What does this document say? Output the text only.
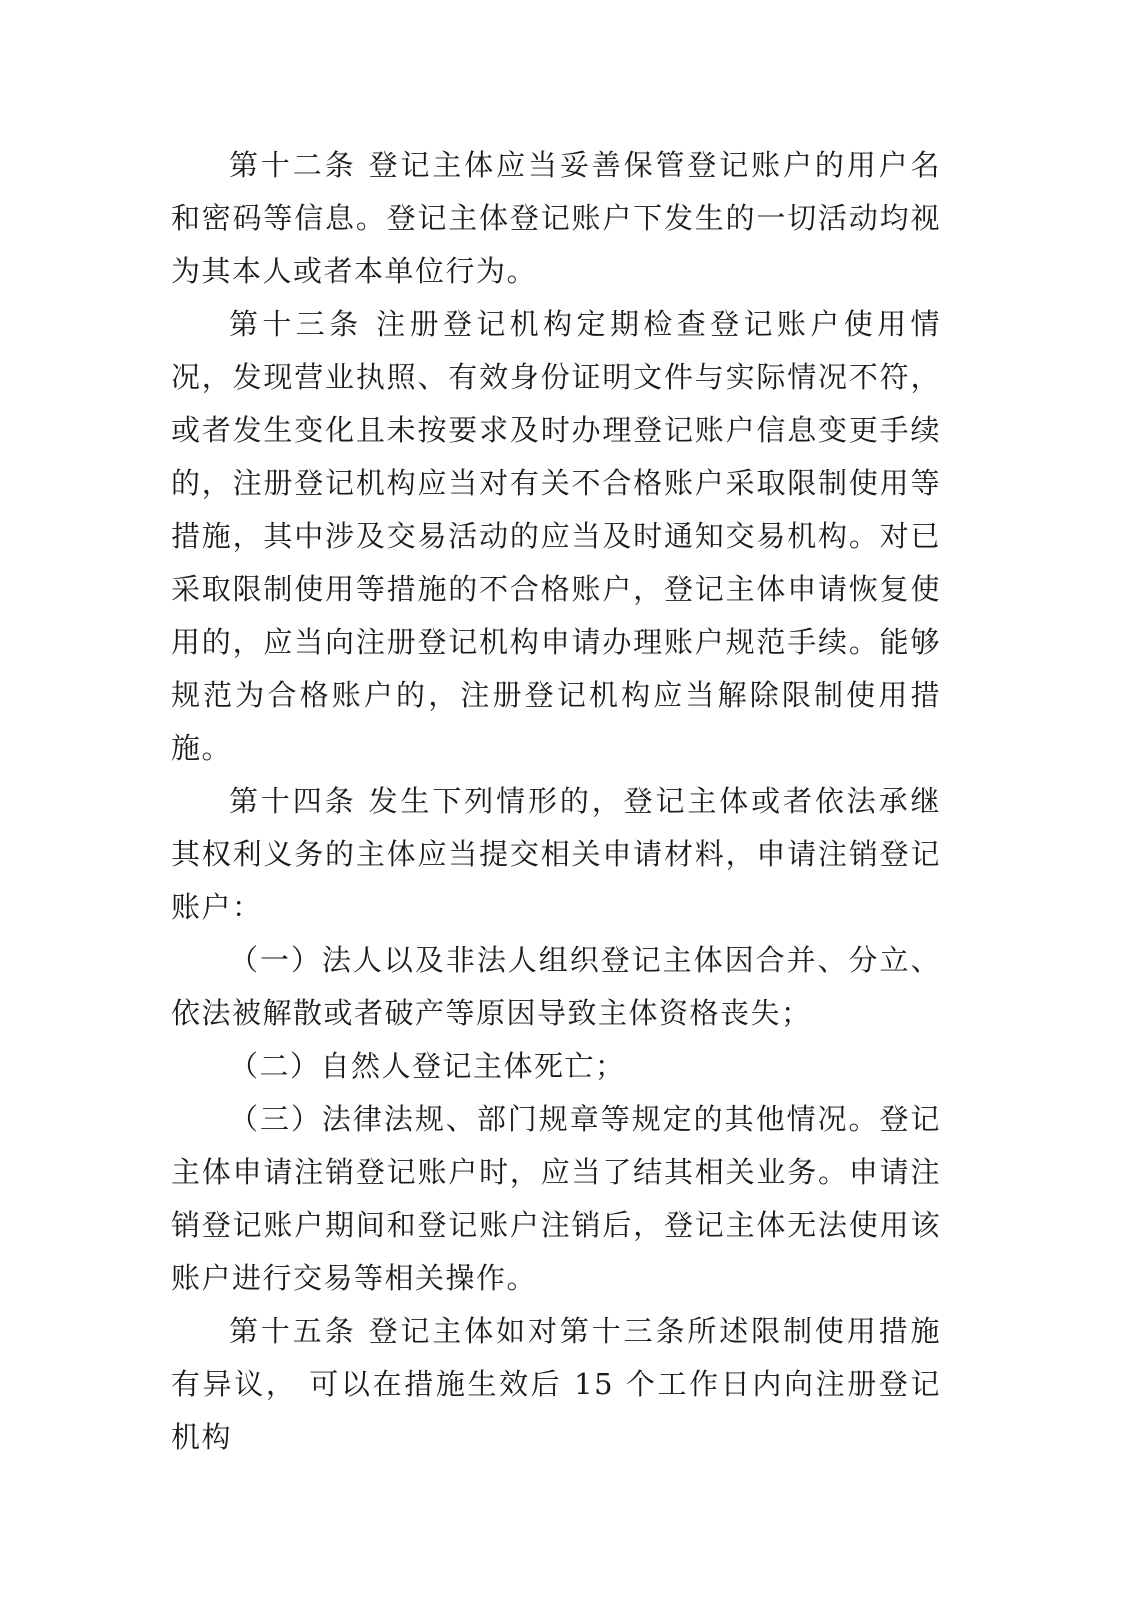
第十二条 登记主体应当妥善保管登记账户的用户名和密码等信息。登记主体登记账户下发生的一切活动均视为其本人或者本单位行为。

第十三条 注册登记机构定期检查登记账户使用情况，发现营业执照、有效身份证明文件与实际情况不符，或者发生变化且未按要求及时办理登记账户信息变更手续的，注册登记机构应当对有关不合格账户采取限制使用等措施，其中涉及交易活动的应当及时通知交易机构。对已采取限制使用等措施的不合格账户，登记主体申请恢复使用的，应当向注册登记机构申请办理账户规范手续。能够规范为合格账户的，注册登记机构应当解除限制使用措施。

第十四条 发生下列情形的，登记主体或者依法承继其权利义务的主体应当提交相关申请材料，申请注销登记账户：

（一）法人以及非法人组织登记主体因合并、分立、依法被解散或者破产等原因导致主体资格丧失；

（二）自然人登记主体死亡；

（三）法律法规、部门规章等规定的其他情况。登记主体申请注销登记账户时，应当了结其相关业务。申请注销登记账户期间和登记账户注销后，登记主体无法使用该账户进行交易等相关操作。

第十五条 登记主体如对第十三条所述限制使用措施有异议， 可以在措施生效后 15 个工作日内向注册登记机构
